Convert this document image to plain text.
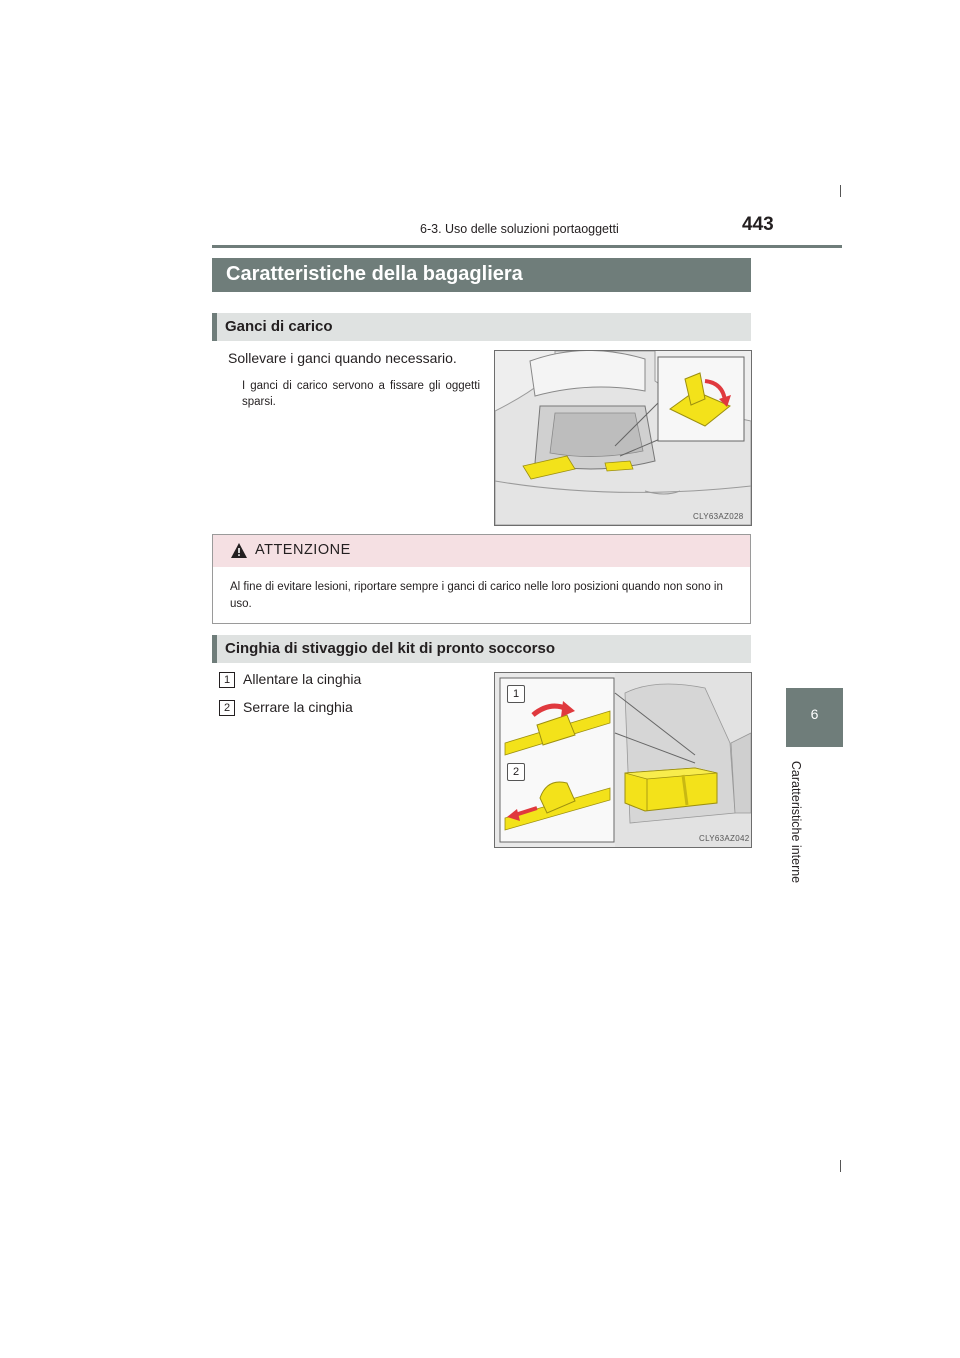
6-3. Uso delle soluzioni portaoggetti	443
6
Caratteristiche interne
Caratteristiche della bagagliera
Ganci di carico
Sollevare i ganci quando necessario.
I ganci di carico servono a fissare gli oggetti sparsi.
CLY63AZ028
ATTENZIONE
Al fine di evitare lesioni, riportare sempre i ganci di carico nelle loro posizioni quando non sono in uso.
Cinghia di stivaggio del kit di pronto soccorso
1 Allentare la cinghia
2 Serrare la cinghia
1
2
CLY63AZ042
